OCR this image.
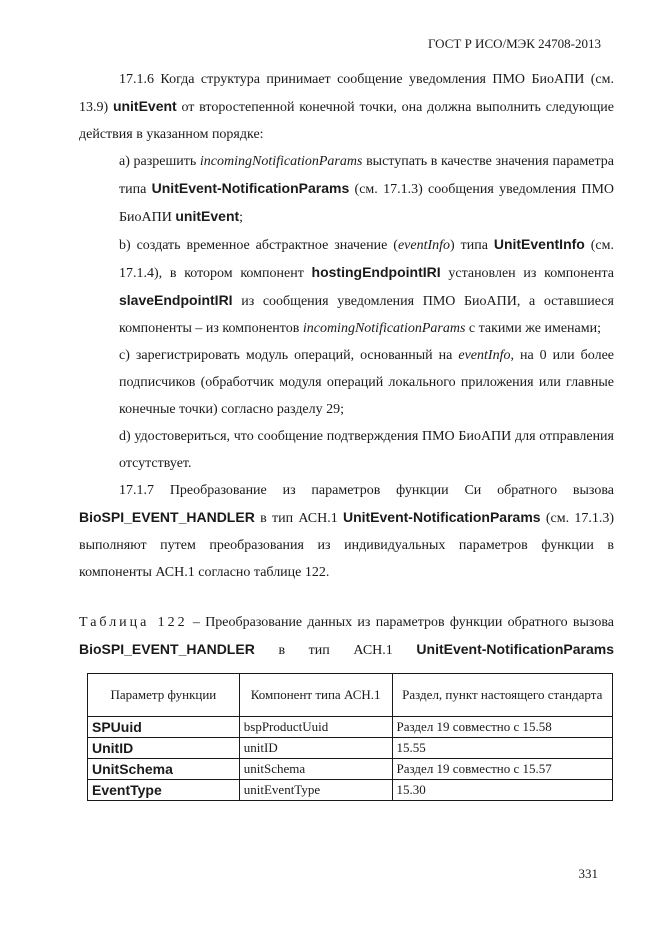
ГОСТ Р ИСО/МЭК 24708-2013

17.1.6 Когда структура принимает сообщение уведомления ПМО БиоАПИ (см. 13.9) unitEvent от второстепенной конечной точки, она должна выполнить следующие действия в указанном порядке:

а) разрешить incomingNotificationParams выступать в качестве значения параметра типа UnitEvent-NotificationParams (см. 17.1.3) сообщения уведомления ПМО БиоАПИ unitEvent;

b) создать временное абстрактное значение (eventInfo) типа UnitEventInfo (см. 17.1.4), в котором компонент hostingEndpointIRI установлен из компонента slaveEndpointIRI из сообщения уведомления ПМО БиоАПИ, а оставшиеся компоненты – из компонентов incomingNotificationParams с такими же именами;

с) зарегистрировать модуль операций, основанный на eventInfo, на 0 или более подписчиков (обработчик модуля операций локального приложения или главные конечные точки) согласно разделу 29;

d) удостовериться, что сообщение подтверждения ПМО БиоАПИ для отправления отсутствует.

17.1.7 Преобразование из параметров функции Си обратного вызова BioSPI_EVENT_HANDLER в тип АСН.1 UnitEvent-NotificationParams (см. 17.1.3) выполняют путем преобразования из индивидуальных параметров функции в компоненты АСН.1 согласно таблице 122.

Таблица 122 – Преобразование данных из параметров функции обратного вызова BioSPI_EVENT_HANDLER в тип АСН.1 UnitEvent-NotificationParams

Параметр функции	Компонент типа АСН.1	Раздел, пункт настоящего стандарта
SPUuid	bspProductUuid	Раздел 19 совместно с 15.58
UnitID	unitID	15.55
UnitSchema	unitSchema	Раздел 19 совместно с 15.57
EventType	unitEventType	15.30
331
